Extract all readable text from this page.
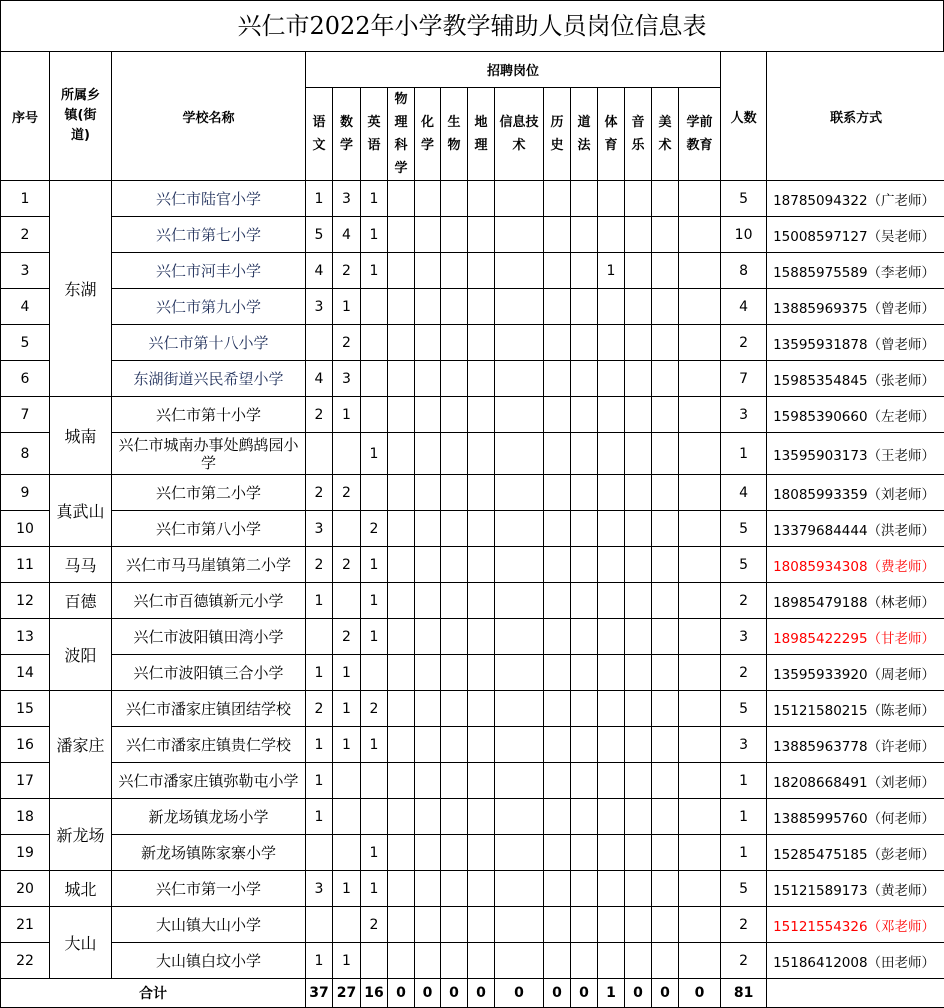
兴仁市2022年小学教学辅助人员岗位信息表
序号	所属乡镇(街道)	学校名称	招聘岗位														人数	联系方式
			语文	数学	英语	物理科学	化学	生物	地理	信息技术	历史	道法	体育	音乐	美术	学前教育		
1	东湖	兴仁市陆官小学	1	3	1												5	18785094322（广老师）
2		兴仁市第七小学	5	4	1												10	15008597127（吴老师）
3		兴仁市河丰小学	4	2	1								1				8	15885975589（李老师）
4		兴仁市第九小学	3	1													4	13885969375（曾老师）
5		兴仁市第十八小学		2													2	13595931878（曾老师）
6		东湖街道兴民希望小学	4	3													7	15985354845（张老师）
7	城南	兴仁市第十小学	2	1													3	15985390660（左老师）
8		兴仁市城南办事处鹧鸪园小学			1												1	13595903173（王老师）
9	真武山	兴仁市第二小学	2	2													4	18085993359（刘老师）
10		兴仁市第八小学	3		2												5	13379684444（洪老师）
11	马马	兴仁市马马崖镇第二小学	2	2	1												5	18085934308（费老师）
12	百德	兴仁市百德镇新元小学	1		1												2	18985479188（林老师）
13	波阳	兴仁市波阳镇田湾小学		2	1												3	18985422295（甘老师）
14		兴仁市波阳镇三合小学	1	1													2	13595933920（周老师）
15	潘家庄	兴仁市潘家庄镇团结学校	2	1	2												5	15121580215（陈老师）
16		兴仁市潘家庄镇贵仁学校	1	1	1												3	13885963778（许老师）
17		兴仁市潘家庄镇弥勒屯小学	1														1	18208668491（刘老师）
18	新龙场	新龙场镇龙场小学	1														1	13885995760（何老师）
19		新龙场镇陈家寨小学			1												1	15285475185（彭老师）
20	城北	兴仁市第一小学	3	1	1												5	15121589173（黄老师）
21	大山	大山镇大山小学			2												2	15121554326（邓老师）
22		大山镇白坟小学	1	1													2	15186412008（田老师）
合计			37	27	16	0	0	0	0	0	0	0	1	0	0	0	81	
